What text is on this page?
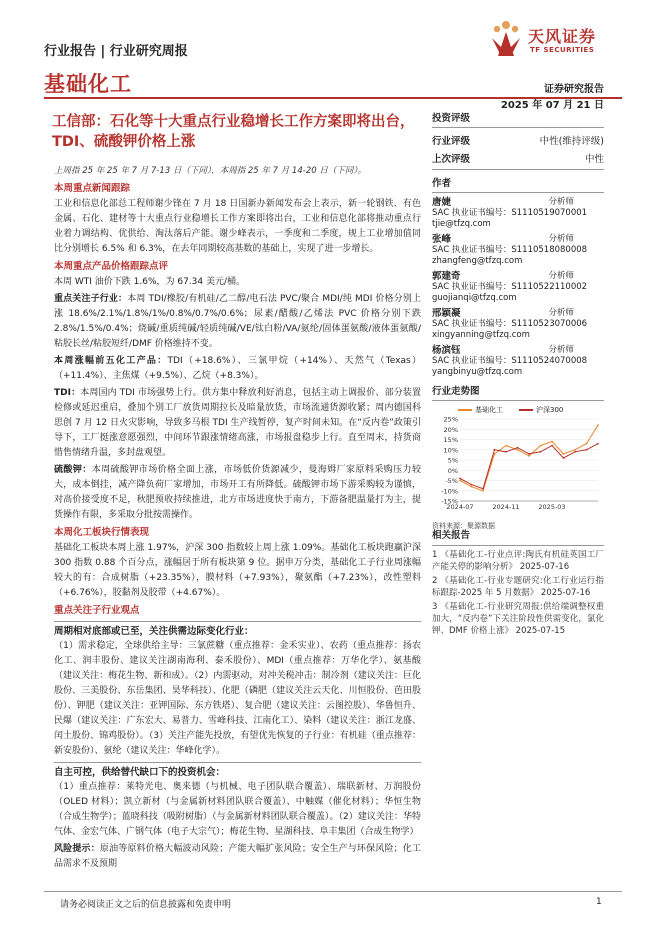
行业报告 | 行业研究周报
天风证券
TF SECURITIES
基础化工	证券研究报告
2025 年 07 月 21 日
工信部：石化等十大重点行业稳增长工作方案即将出台，TDI、硫酸钾价格上涨
投资评级
行业评级	中性(维持评级)
上次评级	中性
上周指 25 年 25 年 7 月 7-13 日（下同），本周指 25 年 7 月 14-20 日（下同）。
本周重点新闻跟踪
工业和信息化部总工程师谢少锋在 7 月 18 日国新办新闻发布会上表示，新一轮钢铁、有色金属、石化、建材等十大重点行业稳增长工作方案即将出台，工业和信息化部将推动重点行业着力调结构、优供给、淘汰落后产能。谢少峰表示，一季度和二季度，规上工业增加值同比分别增长 6.5% 和 6.3%，在去年同期较高基数的基础上，实现了进一步增长。
本周重点产品价格跟踪点评
本周 WTI 油价下跌 1.6%，为 67.34 美元/桶。
重点关注子行业：本周 TDI/橡胶/有机硅/乙二醇/电石法 PVC/聚合 MDI/纯 MDI 价格分别上涨 18.6%/2.1%/1.8%/1%/0.8%/0.7%/0.6%；尿素/醋酸/乙烯法 PVC 价格分别下跌 2.8%/1.5%/0.4%；烧碱/重质纯碱/轻质纯碱/VE/钛白粉/VA/氨纶/固体蛋氨酸/液体蛋氨酸/粘胶长丝/粘胶短纤/DMF 价格维持不变。
本周涨幅前五化工产品：TDI（+18.6%）、三氯甲烷（+14%）、天然气（Texas）（+11.4%）、主焦煤（+9.5%）、乙烷（+8.3%）。
TDI：本周国内 TDI 市场强势上行。供方集中释放利好消息，包括主动上调报价、部分装置检修或延迟重启，叠加个别工厂放货周期拉长及暗量放货，市场流通货源收紧；周内德国科思创 7 月 12 日火灾影响，导致多马根 TDI 生产线暂停，复产时间未知。在“反内卷”政策引导下，工厂挺涨意愿强烈，中间环节跟涨情绪高涨，市场报盘稳步上行。直至周末，持货商惜售情绪升温，多封盘观望。
硫酸钾：本周硫酸钾市场价格全面上涨，市场低价货源减少，曼海姆厂家原料采购压力较大，成本倒挂，减产降负荷厂家增加，市场开工有所降低。硫酸钾市场下游采购较为谨慎，对高价接受度不足，秋肥预收持续推进，北方市场进度快于南方，下游备肥温量打为主，提货操作有限，多采取分批按需操作。
本周化工板块行情表现
基础化工板块本周上涨 1.97%，沪深 300 指数较上周上涨 1.09%。基础化工板块跑赢沪深 300 指数 0.88 个百分点，涨幅居于所有板块第 9 位。据申万分类，基础化工子行业周涨幅较大的有：合成树脂（+23.35%），膜材料（+7.93%），聚氨酯（+7.23%），改性塑料（+6.76%），胶黏剂及胶带（+4.67%）。
重点关注子行业观点
周期相对底部或已至，关注供需边际变化行业：
（1）需求稳定，全球供给主导：三氯蔗糖（重点推荐：金禾实业）、农药（重点推荐：扬农化工、润丰股份、建议关注湖南海利、泰禾股份）、MDI（重点推荐：万华化学）、氨基酸（建议关注：梅花生物、新和成）。（2）内需驱动，对冲关税冲击：制冷剂（建议关注：巨化股份、三美股份、东岳集团、昊华科技）、化肥（磷肥（建议关注云天化、川恒股份、芭田股份）、钾肥（建议关注：亚钾国际、东方铁塔）、复合肥（建议关注：云图控股）、华鲁恒升、民爆（建议关注：广东宏大、易普力、雪峰科技、江南化工）、染料（建议关注：浙江龙盛、闰土股份、锦鸡股份）。（3）关注产能先投放，有望优先恢复的子行业：有机硅（重点推荐：新安股份）、氨纶（建议关注：华峰化学）。
自主可控，供给替代缺口下的投资机会：
（1）重点推荐：莱特光电、奥来德（与机械、电子团队联合覆盖）、瑞联新材、万润股份（OLED 材料）；凯立新材（与金属新材料团队联合覆盖）、中触媒（催化材料）；华恒生物（合成生物学）；蓝晓科技（吸附树脂）（与金属新材料团队联合覆盖）。（2）建议关注：华特气体、金宏气体、广钢气体（电子大宗气）；梅花生物、星湖科技、阜丰集团（合成生物学）
风险提示：原油等原料价格大幅波动风险；产能大幅扩张风险；安全生产与环保风险；化工品需求不及预期
作者
唐婕	分析师
SAC 执业证书编号：S1110519070001
tjie@tfzq.com
张峰	分析师
SAC 执业证书编号：S1110518080008
zhangfeng@tfzq.com
郭建奇	分析师
SAC 执业证书编号：S1110522110002
guojianqi@tfzq.com
邢颖凝	分析师
SAC 执业证书编号：S1110523070006
xingyanning@tfzq.com
杨滨钰	分析师
SAC 执业证书编号：S1110524070008
yangbinyu@tfzq.com
行业走势图
基础化工	沪深300
-15%
-10%
-5%
0%
5%
10%
15%
20%
25%
2024-07	2024-11	2025-03
资料来源：聚源数据
相关报告
1 《基础化工-行业点评:陶氏有机硅英国工厂产能关停的影响分析》 2025-07-16
2 《基础化工-行业专题研究:化工行业运行指标跟踪-2025 年 5 月数据》 2025-07-16
3 《基础化工-行业研究周报:供给端调整权重加大，“反内卷”下关注阶段性供需变化，氯化钾、DMF 价格上涨》 2025-07-15
请务必阅读正文之后的信息披露和免责申明	1
